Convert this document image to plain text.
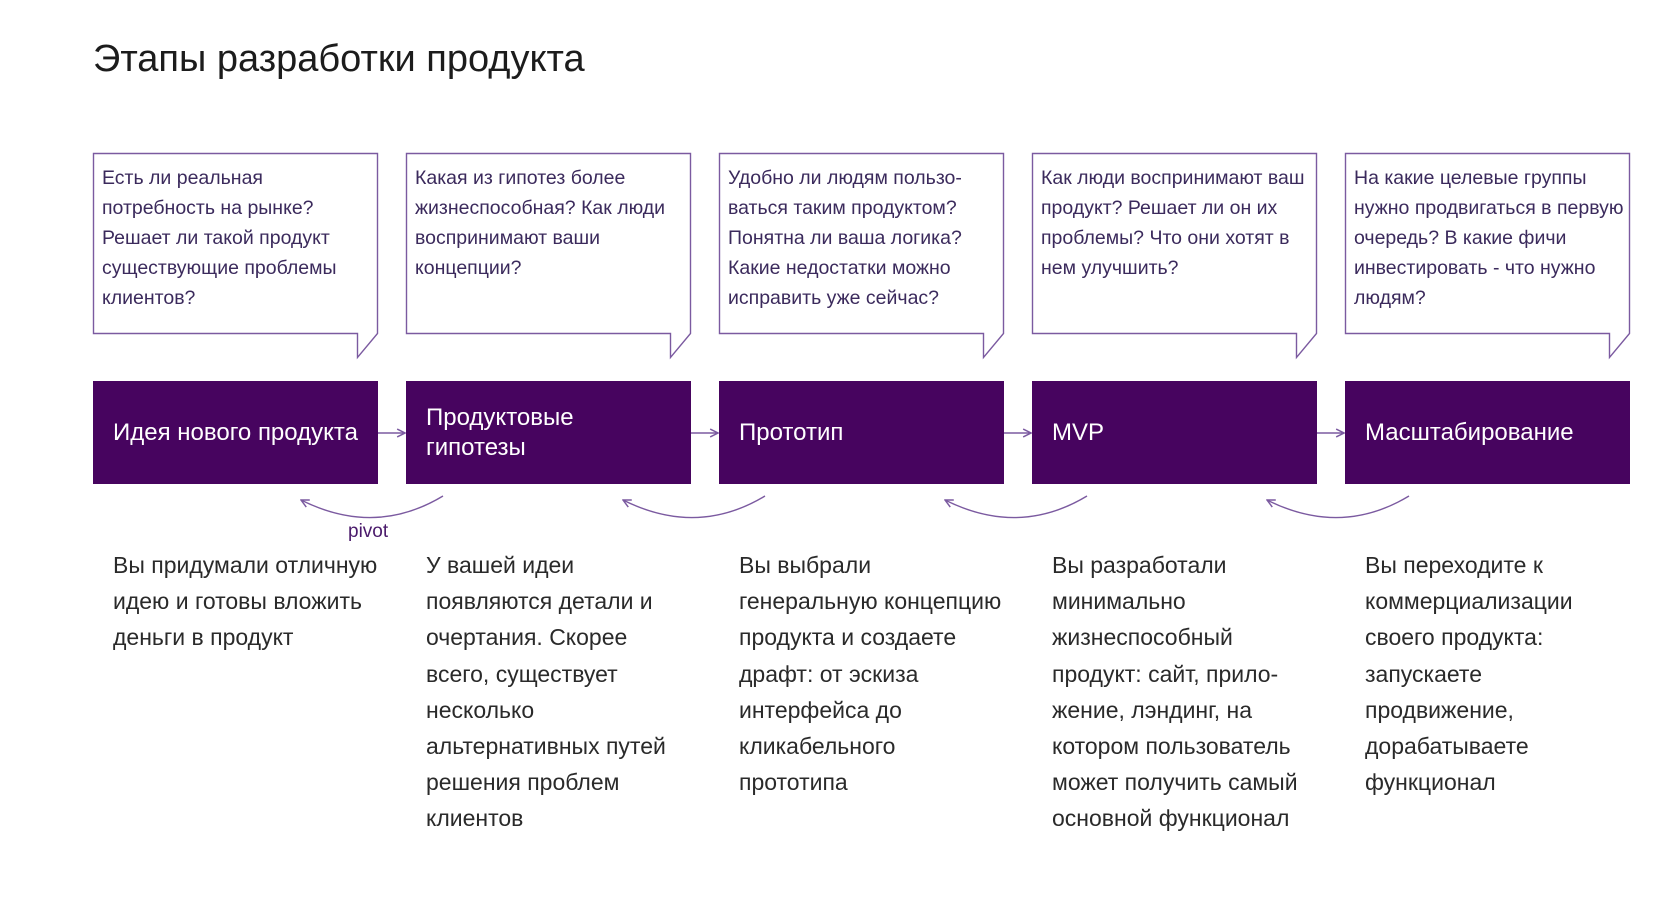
Этапы разработки продукта

Есть ли реальная потребность на рынке? Решает ли такой продукт существующие проблемы клиентов?

Идея нового продукта

Вы придумали отличную идею и готовы вложить деньги в продукт

Какая из гипотез более жизнеспособная? Как люди воспринимают ваши концепции?

Продуктовые гипотезы

У вашей идеи появляются детали и очертания. Скорее всего, существует несколько альтернативных путей решения проблем клиентов

Удобно ли людям пользо-ваться таким продуктом? Понятна ли ваша логика? Какие недостатки можно исправить уже сейчас?

Прототип

Вы выбрали генеральную концепцию продукта и создаете драфт: от эскиза интерфейса до кликабельного прототипа

Как люди воспринимают ваш продукт? Решает ли он их проблемы? Что они хотят в нем улучшить?

MVP

Вы разработали минимально жизнеспособный продукт: сайт, прило-жение, лэндинг, на котором пользователь может получить самый основной функционал

На какие целевые группы нужно продвигаться в первую очередь? В какие фичи инвестировать - что нужно людям?

Масштабирование

Вы переходите к коммерциализации своего продукта: запускаете продвижение, дорабатываете функционал

pivot
